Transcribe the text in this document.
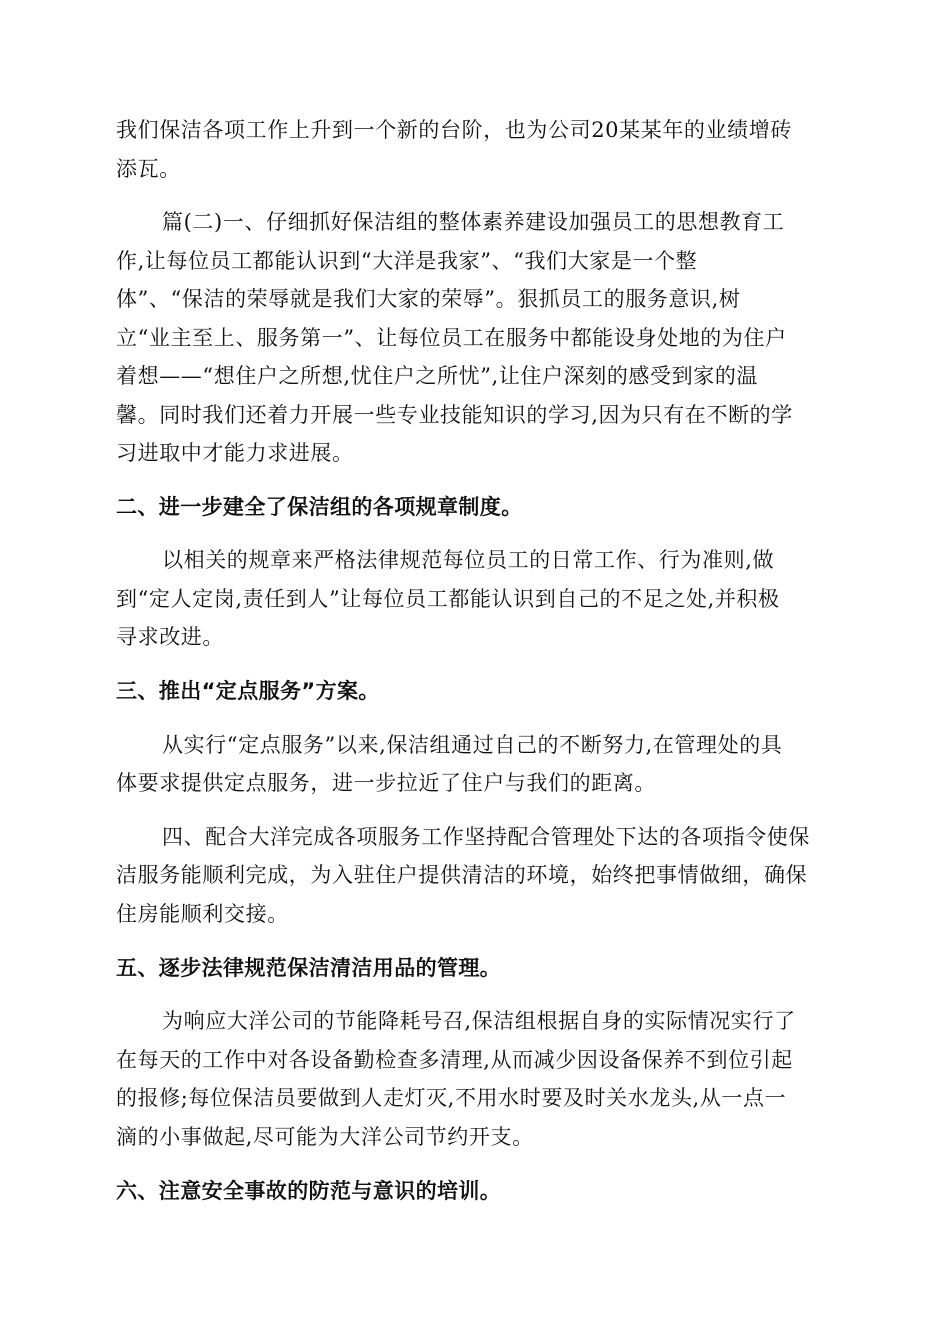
我们保洁各项工作上升到一个新的台阶，也为公司20某某年的业绩增砖
添瓦。
篇(二)一、仔细抓好保洁组的整体素养建设加强员工的思想教育工
作,让每位员工都能认识到“大洋是我家”、“我们大家是一个整
体”、“保洁的荣辱就是我们大家的荣辱”。狠抓员工的服务意识,树
立“业主至上、服务第一”、让每位员工在服务中都能设身处地的为住户
着想——“想住户之所想,忧住户之所忧”,让住户深刻的感受到家的温
馨。同时我们还着力开展一些专业技能知识的学习,因为只有在不断的学
习进取中才能力求进展。
二、进一步建全了保洁组的各项规章制度。
以相关的规章来严格法律规范每位员工的日常工作、行为准则,做
到“定人定岗,责任到人”让每位员工都能认识到自己的不足之处,并积极
寻求改进。
三、推出“定点服务”方案。
从实行“定点服务”以来,保洁组通过自己的不断努力,在管理处的具
体要求提供定点服务，进一步拉近了住户与我们的距离。
四、配合大洋完成各项服务工作坚持配合管理处下达的各项指令使保
洁服务能顺利完成，为入驻住户提供清洁的环境，始终把事情做细，确保
住房能顺利交接。
五、逐步法律规范保洁清洁用品的管理。
为响应大洋公司的节能降耗号召,保洁组根据自身的实际情况实行了
在每天的工作中对各设备勤检查多清理,从而减少因设备保养不到位引起
的报修;每位保洁员要做到人走灯灭,不用水时要及时关水龙头,从一点一
滴的小事做起,尽可能为大洋公司节约开支。
六、注意安全事故的防范与意识的培训。
